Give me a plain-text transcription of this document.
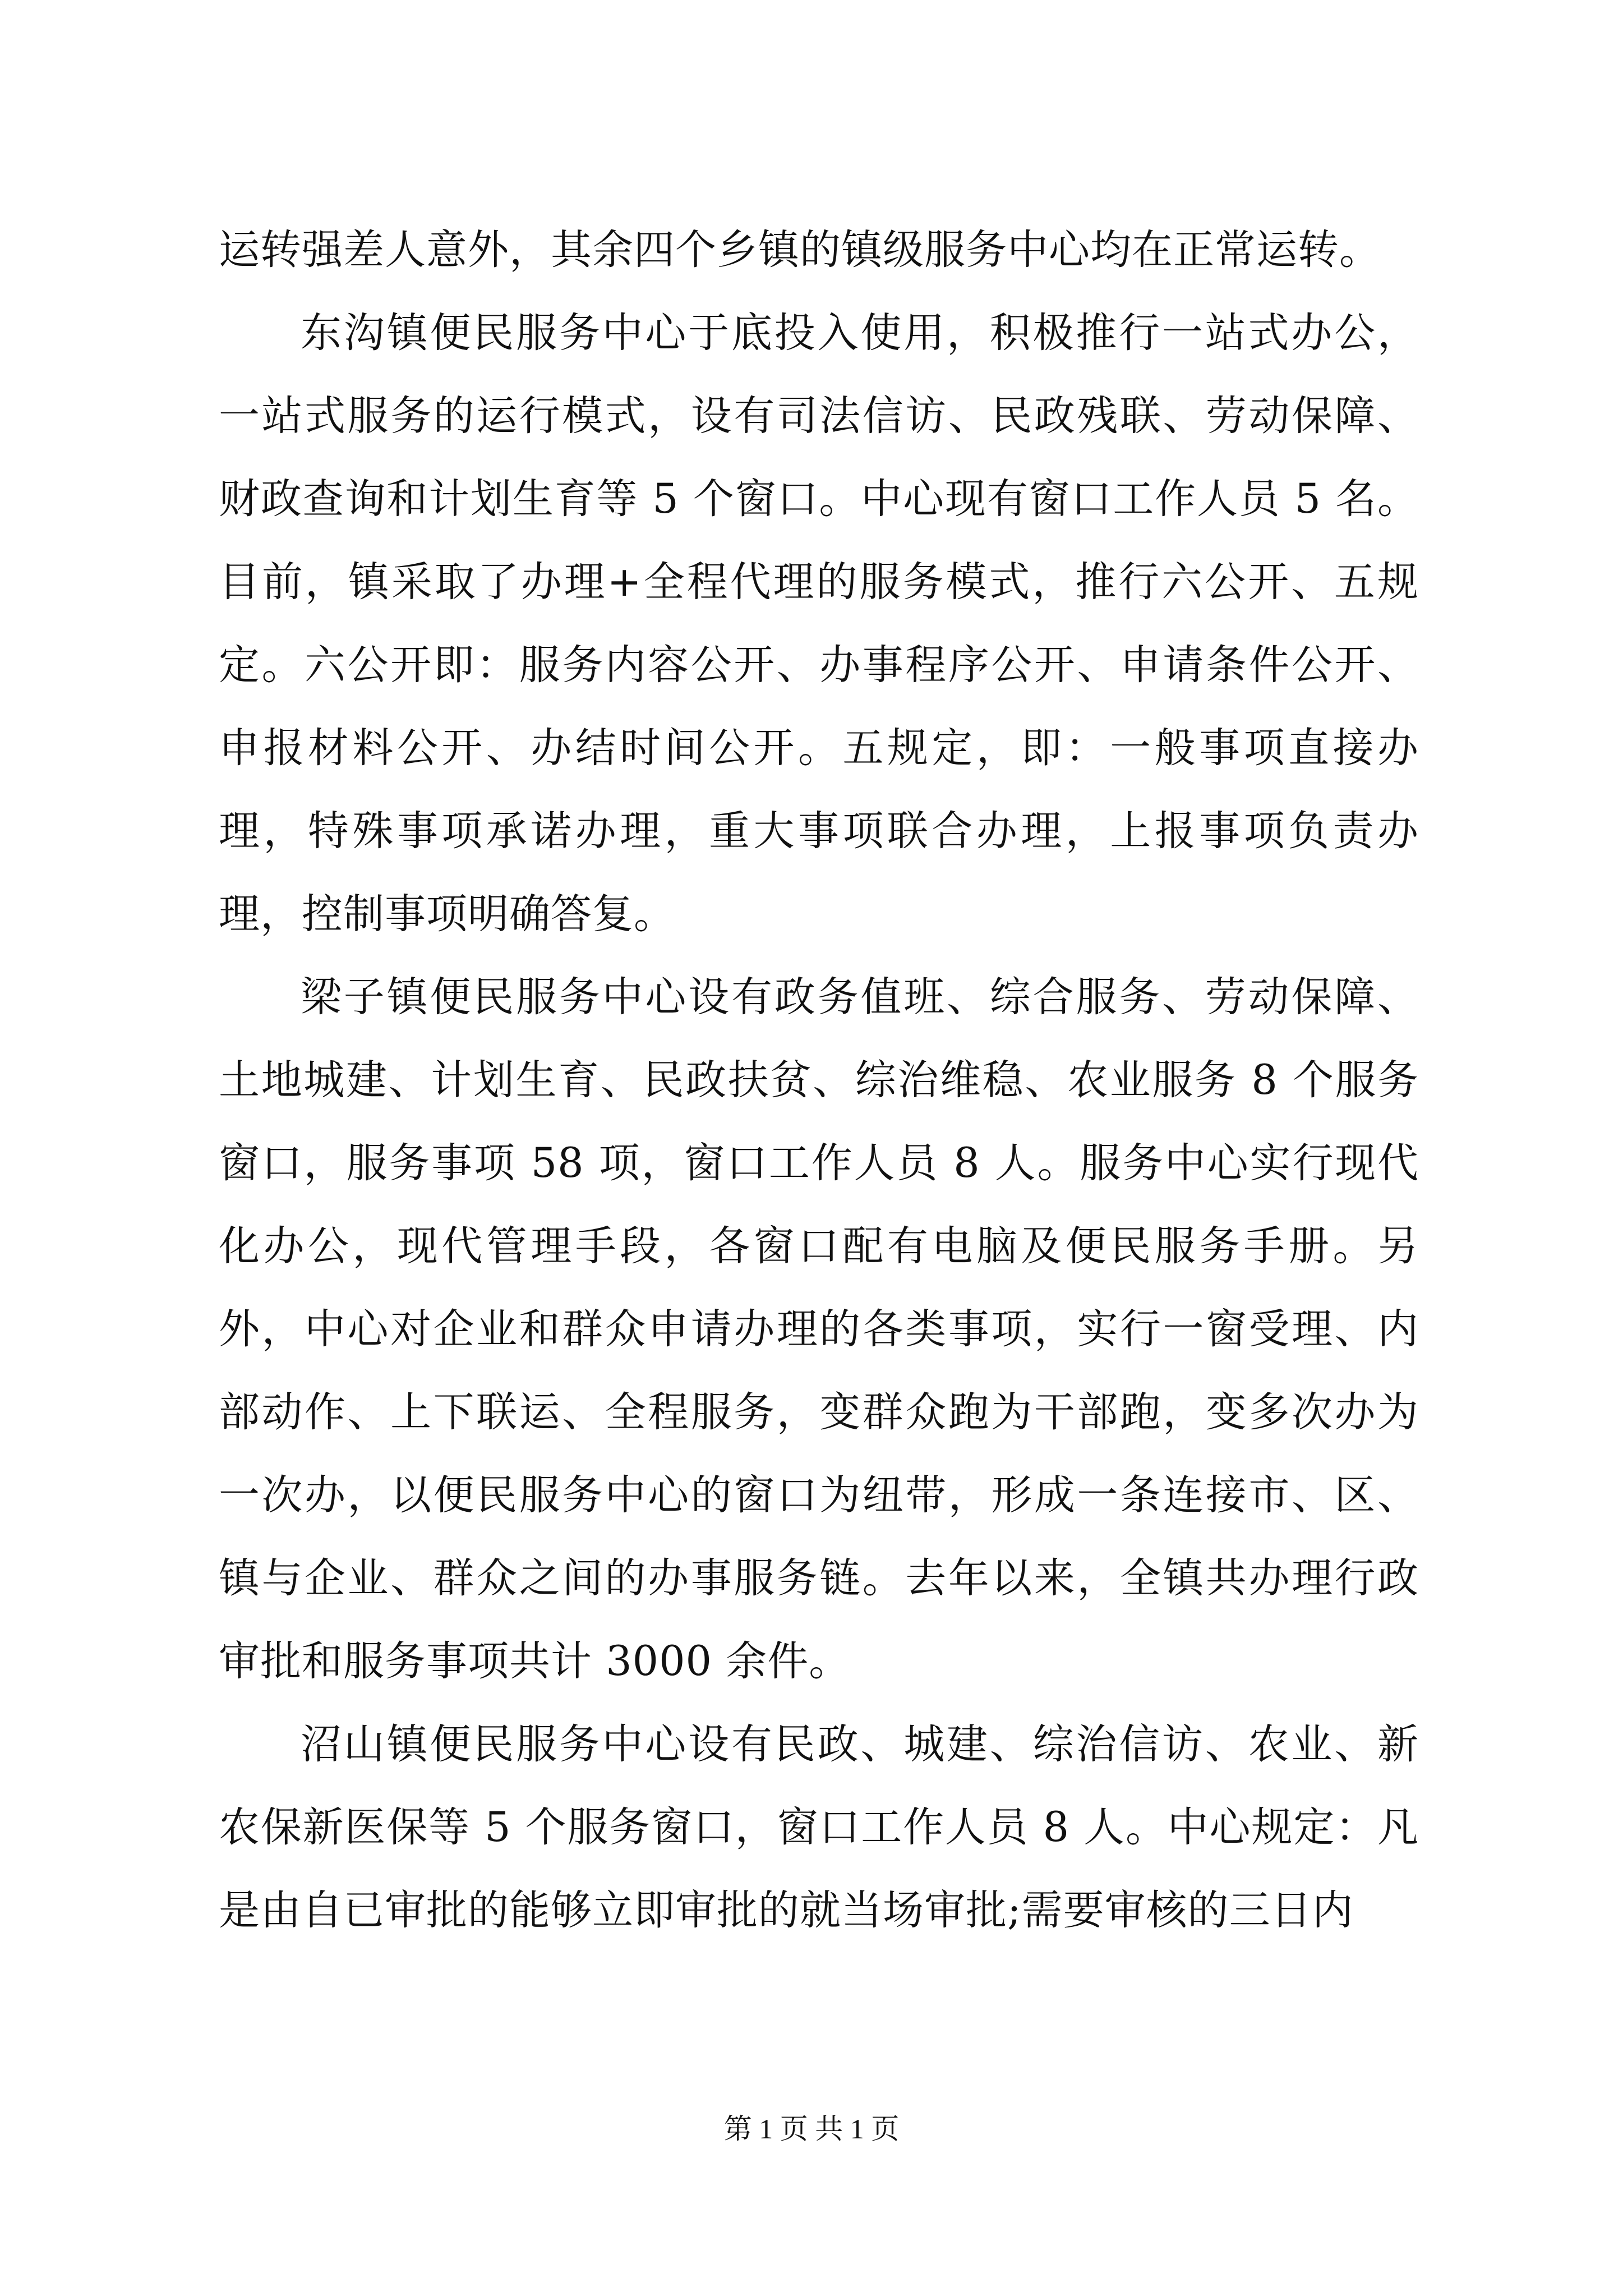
运转强差人意外，其余四个乡镇的镇级服务中心均在正常运转。

东沟镇便民服务中心于底投入使用，积极推行一站式办公，一站式服务的运行模式，设有司法信访、民政残联、劳动保障、财政查询和计划生育等 5 个窗口。中心现有窗口工作人员 5 名。目前，镇采取了办理+全程代理的服务模式，推行六公开、五规定。六公开即：服务内容公开、办事程序公开、申请条件公开、申报材料公开、办结时间公开。五规定，即：一般事项直接办理，特殊事项承诺办理，重大事项联合办理，上报事项负责办理，控制事项明确答复。

梁子镇便民服务中心设有政务值班、综合服务、劳动保障、土地城建、计划生育、民政扶贫、综治维稳、农业服务 8 个服务窗口，服务事项 58 项，窗口工作人员 8 人。服务中心实行现代化办公，现代管理手段，各窗口配有电脑及便民服务手册。另外，中心对企业和群众申请办理的各类事项，实行一窗受理、内部动作、上下联运、全程服务，变群众跑为干部跑，变多次办为一次办，以便民服务中心的窗口为纽带，形成一条连接市、区、镇与企业、群众之间的办事服务链。去年以来，全镇共办理行政审批和服务事项共计 3000 余件。

沼山镇便民服务中心设有民政、城建、综治信访、农业、新农保新医保等 5 个服务窗口，窗口工作人员 8 人。中心规定：凡是由自已审批的能够立即审批的就当场审批;需要审核的三日内

第 1 页 共 1 页
